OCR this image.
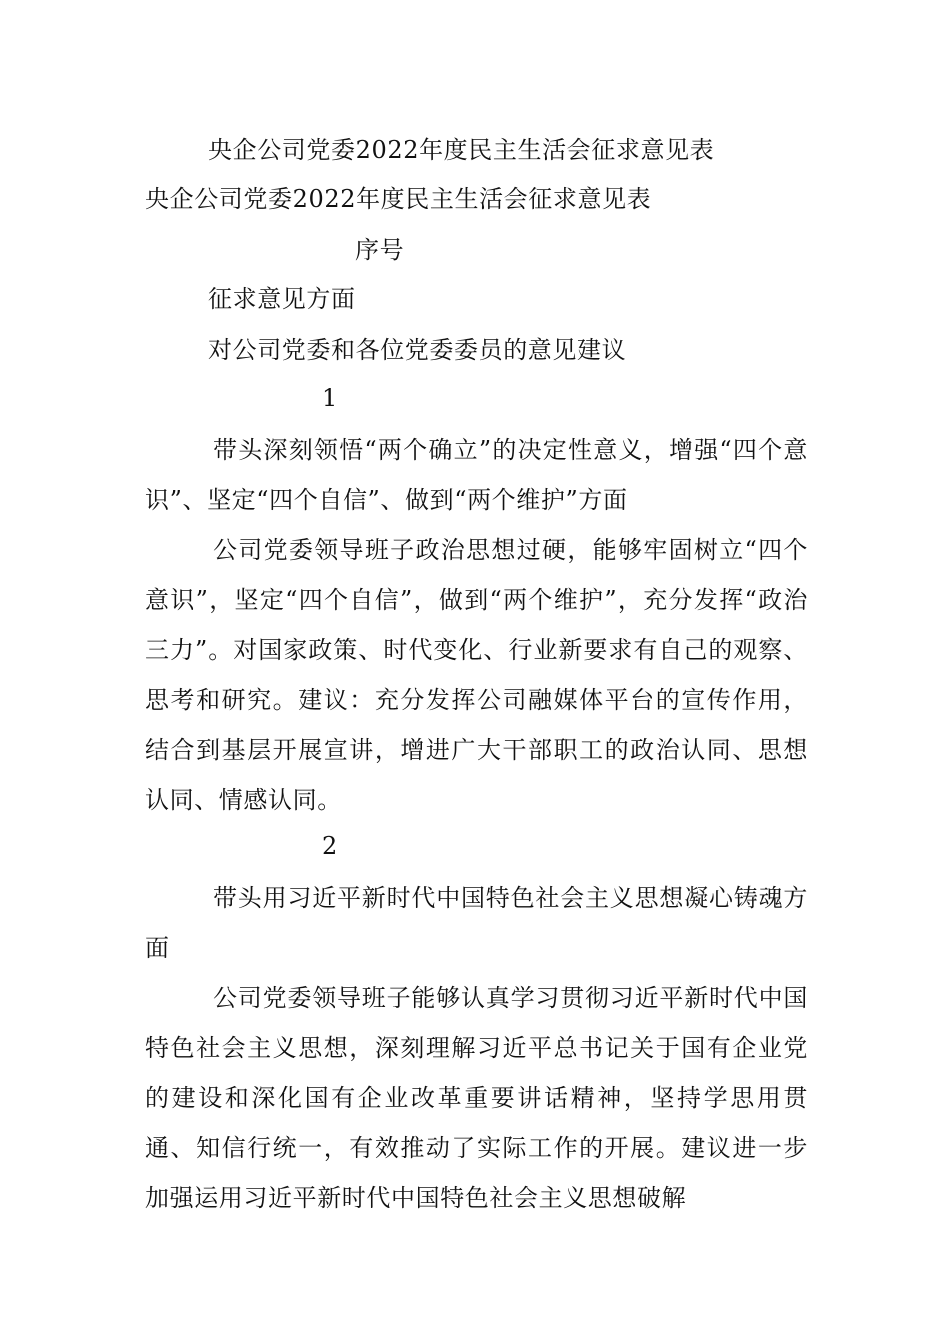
央企公司党委2022年度民主生活会征求意见表
央企公司党委2022年度民主生活会征求意见表
序号
征求意见方面
对公司党委和各位党委委员的意见建议
1
带头深刻领悟“两个确立”的决定性意义，增强“四个意识”、坚定“四个自信”、做到“两个维护”方面
公司党委领导班子政治思想过硬，能够牢固树立“四个意识”，坚定“四个自信”，做到“两个维护”，充分发挥“政治三力”。对国家政策、时代变化、行业新要求有自己的观察、思考和研究。建议：充分发挥公司融媒体平台的宣传作用，结合到基层开展宣讲，增进广大干部职工的政治认同、思想认同、情感认同。
2
带头用习近平新时代中国特色社会主义思想凝心铸魂方面
公司党委领导班子能够认真学习贯彻习近平新时代中国特色社会主义思想，深刻理解习近平总书记关于国有企业党的建设和深化国有企业改革重要讲话精神，坚持学思用贯通、知信行统一，有效推动了实际工作的开展。建议进一步加强运用习近平新时代中国特色社会主义思想破解
